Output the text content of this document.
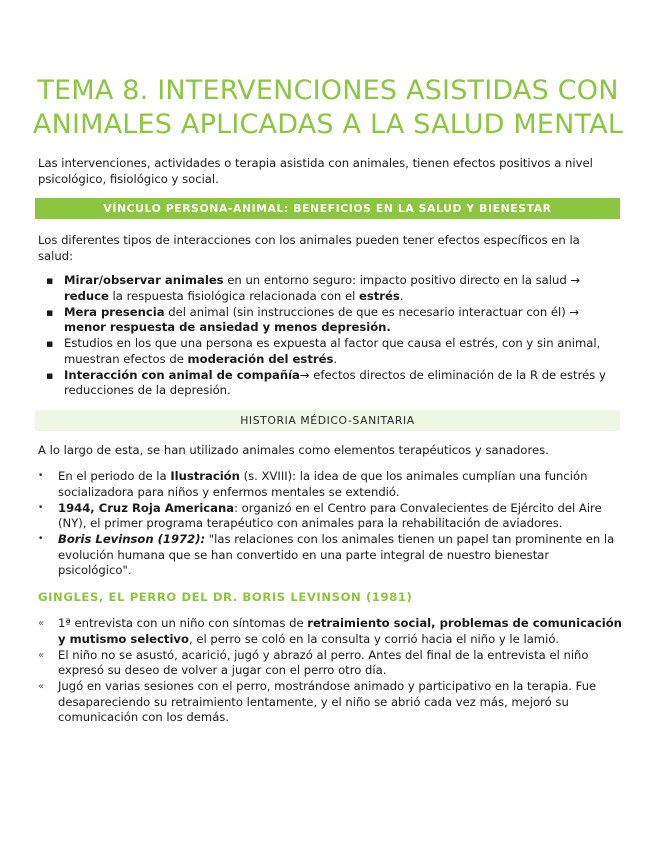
TEMA 8. INTERVENCIONES ASISTIDAS CON
ANIMALES APLICADAS A LA SALUD MENTAL

Las intervenciones, actividades o terapia asistida con animales, tienen efectos positivos a nivel psicológico, fisiológico y social.

VÍNCULO PERSONA-ANIMAL: BENEFICIOS EN LA SALUD Y BIENESTAR

Los diferentes tipos de interacciones con los animales pueden tener efectos específicos en la salud:

▪ Mirar/observar animales en un entorno seguro: impacto positivo directo en la salud → reduce la respuesta fisiológica relacionada con el estrés.
▪ Mera presencia del animal (sin instrucciones de que es necesario interactuar con él) → menor respuesta de ansiedad y menos depresión.
▪ Estudios en los que una persona es expuesta al factor que causa el estrés, con y sin animal, muestran efectos de moderación del estrés.
▪ Interacción con animal de compañía→ efectos directos de eliminación de la R de estrés y reducciones de la depresión.
HISTORIA MÉDICO-SANITARIA

A lo largo de esta, se han utilizado animales como elementos terapéuticos y sanadores.

• En el periodo de la Ilustración (s. XVIII): la idea de que los animales cumplían una función socializadora para niños y enfermos mentales se extendió.
• 1944, Cruz Roja Americana: organizó en el Centro para Convalecientes de Ejército del Aire (NY), el primer programa terapéutico con animales para la rehabilitación de aviadores.
• Boris Levinson (1972): "las relaciones con los animales tienen un papel tan prominente en la evolución humana que se han convertido en una parte integral de nuestro bienestar psicológico".
GINGLES, EL PERRO DEL DR. BORIS LEVINSON (1981)
« 1ª entrevista con un niño con síntomas de retraimiento social, problemas de comunicación y mutismo selectivo, el perro se coló en la consulta y corrió hacia el niño y le lamió.
« El niño no se asustó, acarició, jugó y abrazó al perro. Antes del final de la entrevista el niño expresó su deseo de volver a jugar con el perro otro día.
« Jugó en varias sesiones con el perro, mostrándose animado y participativo en la terapia. Fue desapareciendo su retraimiento lentamente, y el niño se abrió cada vez más, mejoró su comunicación con los demás.
